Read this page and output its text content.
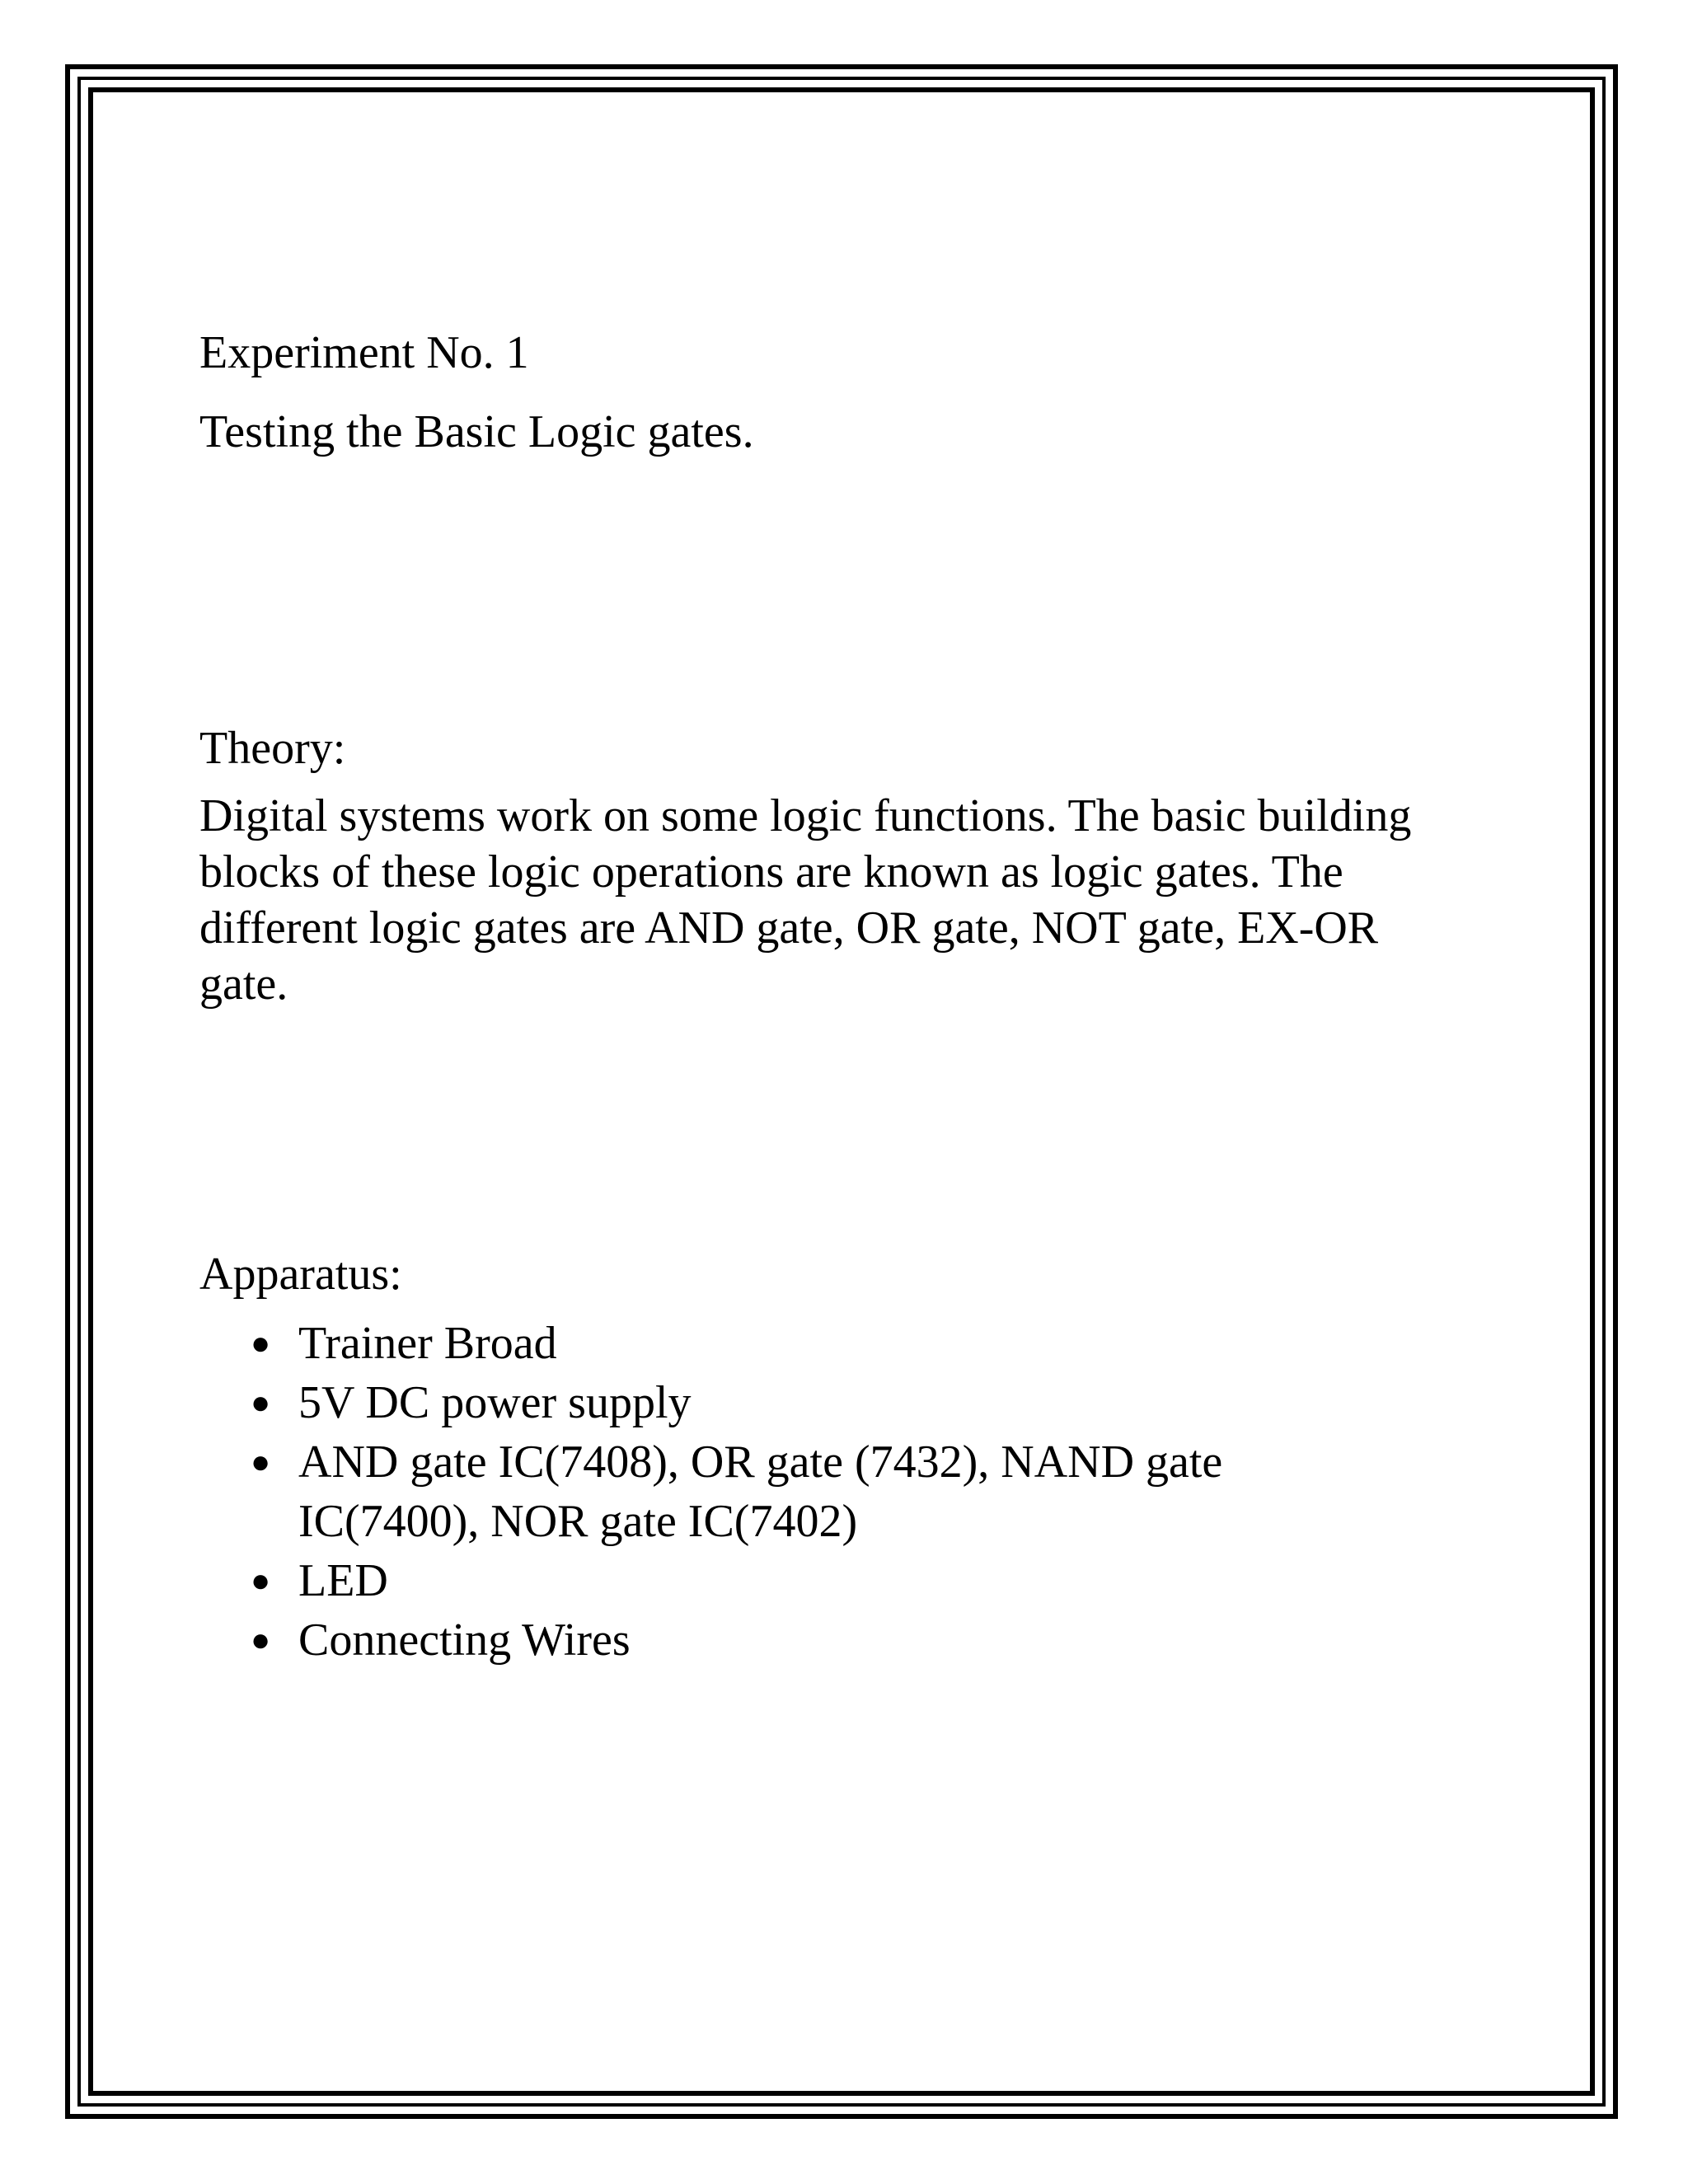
Experiment No. 1

Testing the Basic Logic gates.

Theory:

Digital systems work on some logic functions. The basic building blocks of these logic operations are known as logic gates. The different logic gates are AND gate, OR gate, NOT gate, EX-OR gate.

Apparatus:

● Trainer Broad
● 5V DC power supply
● AND gate IC(7408), OR gate (7432), NAND gate IC(7400), NOR gate IC(7402)
● LED
● Connecting Wires
